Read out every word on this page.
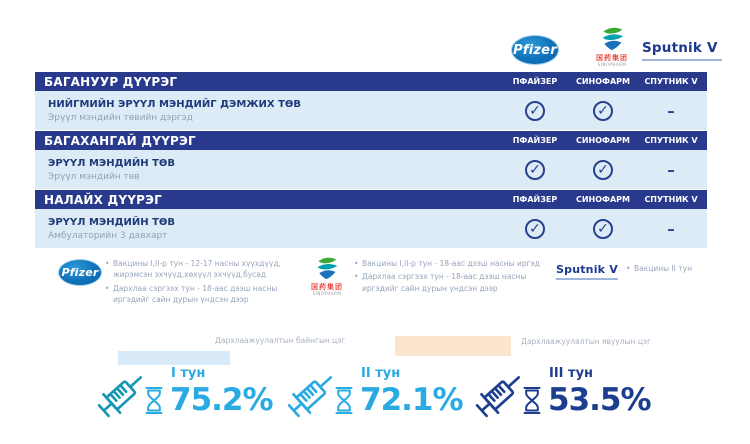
Pfizer
国药集团
SINOPHARM
Sputnik V
БАГАНУУР ДҮҮРЭГ	ПФАЙЗЕР	СИНОФАРМ	СПУТНИК V
НИЙГМИЙН ЭРҮҮЛ МЭНДИЙГ ДЭМЖИХ ТӨВ
Эрүүл мэндийн төвийн дэргэд	✓	✓	–
БАГАХАНГАЙ ДҮҮРЭГ	ПФАЙЗЕР	СИНОФАРМ	СПУТНИК V
ЭРҮҮЛ МЭНДИЙН ТӨВ
Эрүүл мэндийн төв	✓	✓	–
НАЛАЙХ ДҮҮРЭГ	ПФАЙЗЕР	СИНОФАРМ	СПУТНИК V
ЭРҮҮЛ МЭНДИЙН ТӨВ
Амбулаторийн 3 давхарт	✓	✓	–
Pfizer
• Вакцины I,II-р тун - 12-17 насны хүүхдүүд, жирэмсэн эхчүүд,хөхүүл эхчүүд,бусад
• Дархлаа сэргээх тун - 18-аас дээш насны иргэдийг сайн дурын үндсэн дээр
国药集团
SINOPHARM
• Вакцины I,II-р тун - 18-аас дээш насны иргэд
• Дархлаа сэргээх тун - 18-аас дээш насны иргэдийг сайн дурын үндсэн дээр
Sputnik V	• Вакцины II тун
Дархлаажуулалтын байнгын цэг	Дархлаажуулалтын явуулын цэг
I тун
75.2%
II тун
72.1%
III тун
53.5%
